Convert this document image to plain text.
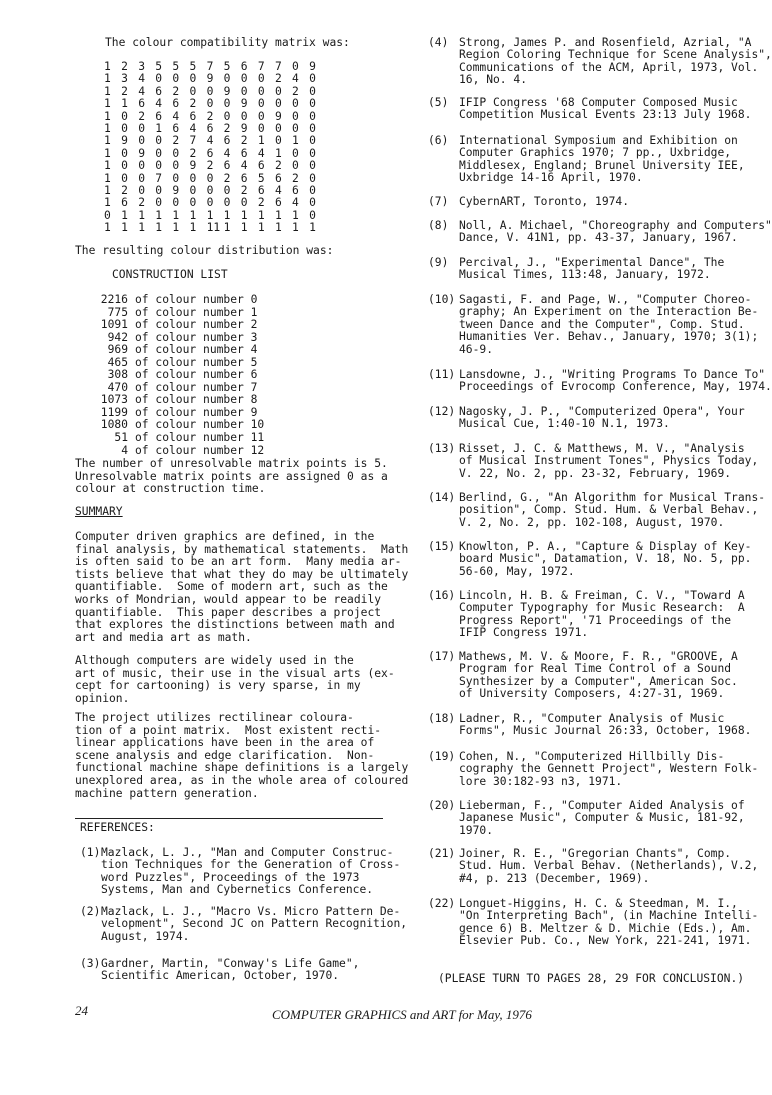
The colour compatibility matrix was:
1 2 3 5 5 5 7 5 6 7 7 0 9
1 3 4 0 0 0 9 0 0 0 2 4 0
1 2 4 6 2 0 0 9 0 0 0 2 0
1 1 6 4 6 2 0 0 9 0 0 0 0
1 0 2 6 4 6 2 0 0 0 9 0 0
1 0 0 1 6 4 6 2 9 0 0 0 0
1 9 0 0 2 7 4 6 2 1 0 1 0
1 0 9 0 0 2 6 4 6 4 1 0 0
1 0 0 0 0 9 2 6 4 6 2 0 0
1 0 0 7 0 0 0 2 6 5 6 2 0
1 2 0 0 9 0 0 0 2 6 4 6 0
1 6 2 0 0 0 0 0 0 2 6 4 0
0 1 1 1 1 1 1 1 1 1 1 1 0
1 1 1 1 1 1 11 1 1 1 1 1 1
The resulting colour distribution was:
CONSTRUCTION LIST
2216 of colour number 0
775 of colour number 1
1091 of colour number 2
942 of colour number 3
969 of colour number 4
465 of colour number 5
308 of colour number 6
470 of colour number 7
1073 of colour number 8
1199 of colour number 9
1080 of colour number 10
51 of colour number 11
4 of colour number 12
The number of unresolvable matrix points is 5.
Unresolvable matrix points are assigned 0 as a
colour at construction time.
SUMMARY
Computer driven graphics are defined, in the
final analysis, by mathematical statements.  Math
is often said to be an art form.  Many media ar-
tists believe that what they do may be ultimately
quantifiable.  Some of modern art, such as the
works of Mondrian, would appear to be readily
quantifiable.  This paper describes a project
that explores the distinctions between math and
art and media art as math.
Although computers are widely used in the
art of music, their use in the visual arts (ex-
cept for cartooning) is very sparse, in my
opinion.
The project utilizes rectilinear coloura-
tion of a point matrix.  Most existent recti-
linear applications have been in the area of
scene analysis and edge clarification.  Non-
functional machine shape definitions is a largely
unexplored area, as in the whole area of coloured
machine pattern generation.
REFERENCES:
(1) Mazlack, L. J., "Man and Computer Construc-
tion Techniques for the Generation of Cross-
word Puzzles", Proceedings of the 1973
Systems, Man and Cybernetics Conference.
(2) Mazlack, L. J., "Macro Vs. Micro Pattern De-
velopment", Second JC on Pattern Recognition,
August, 1974.
(3) Gardner, Martin, "Conway's Life Game",
Scientific American, October, 1970.
(4) Strong, James P. and Rosenfield, Azrial, "A
Region Coloring Technique for Scene Analysis",
Communications of the ACM, April, 1973, Vol.
16, No. 4.
(5) IFIP Congress '68 Computer Composed Music
Competition Musical Events 23:13 July 1968.
(6) International Symposium and Exhibition on
Computer Graphics 1970; 7 pp., Uxbridge,
Middlesex, England; Brunel University IEE,
Uxbridge 14-16 April, 1970.
(7) CybernART, Toronto, 1974.
(8) Noll, A. Michael, "Choreography and Computers"
Dance, V. 41N1, pp. 43-37, January, 1967.
(9) Percival, J., "Experimental Dance", The
Musical Times, 113:48, January, 1972.
(10) Sagasti, F. and Page, W., "Computer Choreo-
graphy; An Experiment on the Interaction Be-
tween Dance and the Computer", Comp. Stud.
Humanities Ver. Behav., January, 1970; 3(1);
46-9.
(11) Lansdowne, J., "Writing Programs To Dance To"
Proceedings of Evrocomp Conference, May, 1974.
(12) Nagosky, J. P., "Computerized Opera", Your
Musical Cue, 1:40-10 N.1, 1973.
(13) Risset, J. C. & Matthews, M. V., "Analysis
of Musical Instrument Tones", Physics Today,
V. 22, No. 2, pp. 23-32, February, 1969.
(14) Berlind, G., "An Algorithm for Musical Trans-
position", Comp. Stud. Hum. & Verbal Behav.,
V. 2, No. 2, pp. 102-108, August, 1970.
(15) Knowlton, P. A., "Capture & Display of Key-
board Music", Datamation, V. 18, No. 5, pp.
56-60, May, 1972.
(16) Lincoln, H. B. & Freiman, C. V., "Toward A
Computer Typography for Music Research:  A
Progress Report", '71 Proceedings of the
IFIP Congress 1971.
(17) Mathews, M. V. & Moore, F. R., "GROOVE, A
Program for Real Time Control of a Sound
Synthesizer by a Computer", American Soc.
of University Composers, 4:27-31, 1969.
(18) Ladner, R., "Computer Analysis of Music
Forms", Music Journal 26:33, October, 1968.
(19) Cohen, N., "Computerized Hillbilly Dis-
cography the Gennett Project", Western Folk-
lore 30:182-93 n3, 1971.
(20) Lieberman, F., "Computer Aided Analysis of
Japanese Music", Computer & Music, 181-92,
1970.
(21) Joiner, R. E., "Gregorian Chants", Comp.
Stud. Hum. Verbal Behav. (Netherlands), V.2,
#4, p. 213 (December, 1969).
(22) Longuet-Higgins, H. C. & Steedman, M. I.,
"On Interpreting Bach", (in Machine Intelli-
gence 6) B. Meltzer & D. Michie (Eds.), Am.
Elsevier Pub. Co., New York, 221-241, 1971.
(PLEASE TURN TO PAGES 28, 29 FOR CONCLUSION.)
24	COMPUTER GRAPHICS and ART for May, 1976
